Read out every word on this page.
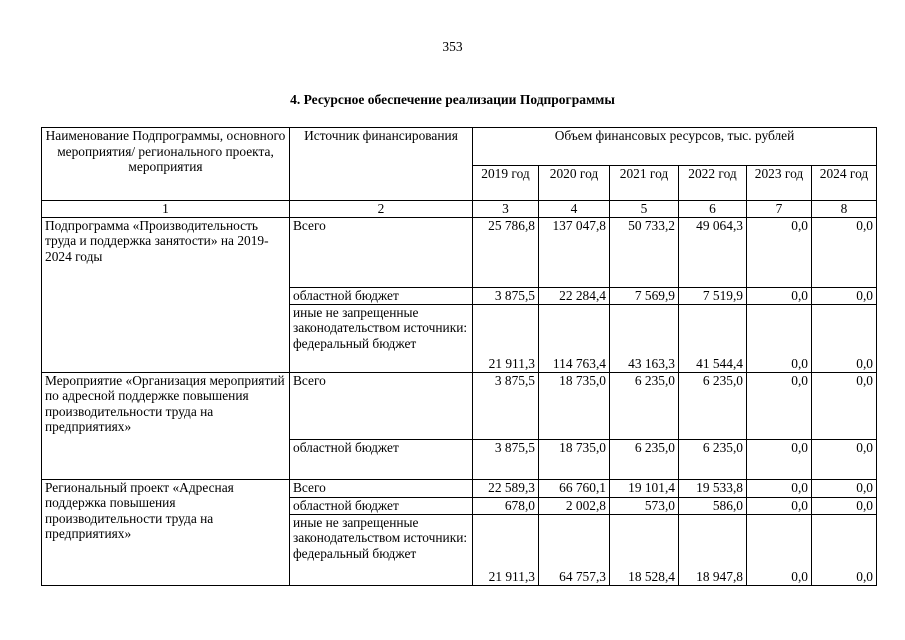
353
4. Ресурсное обеспечение реализации Подпрограммы
Наименование Подпрограммы, основного мероприятия/ регионального проекта, мероприятия	Источник финансирования	Объем финансовых ресурсов, тыс. рублей					
		2019 год	2020 год	2021 год	2022 год	2023 год	2024 год
1	2	3	4	5	6	7	8
Подпрограмма «Производительность труда и поддержка занятости» на 2019-2024 годы	Всего	25 786,8	137 047,8	50 733,2	49 064,3	0,0	0,0
	областной бюджет	3 875,5	22 284,4	7 569,9	7 519,9	0,0	0,0
	иные не запрещенные законодательством источники: федеральный бюджет	21 911,3	114 763,4	43 163,3	41 544,4	0,0	0,0
Мероприятие «Организация мероприятий по адресной поддержке повышения производительности труда на предприятиях»	Всего	3 875,5	18 735,0	6 235,0	6 235,0	0,0	0,0
	областной бюджет	3 875,5	18 735,0	6 235,0	6 235,0	0,0	0,0
Региональный проект «Адресная поддержка повышения производительности труда на предприятиях»	Всего	22 589,3	66 760,1	19 101,4	19 533,8	0,0	0,0
	областной бюджет	678,0	2 002,8	573,0	586,0	0,0	0,0
	иные не запрещенные законодательством источники: федеральный бюджет	21 911,3	64 757,3	18 528,4	18 947,8	0,0	0,0
